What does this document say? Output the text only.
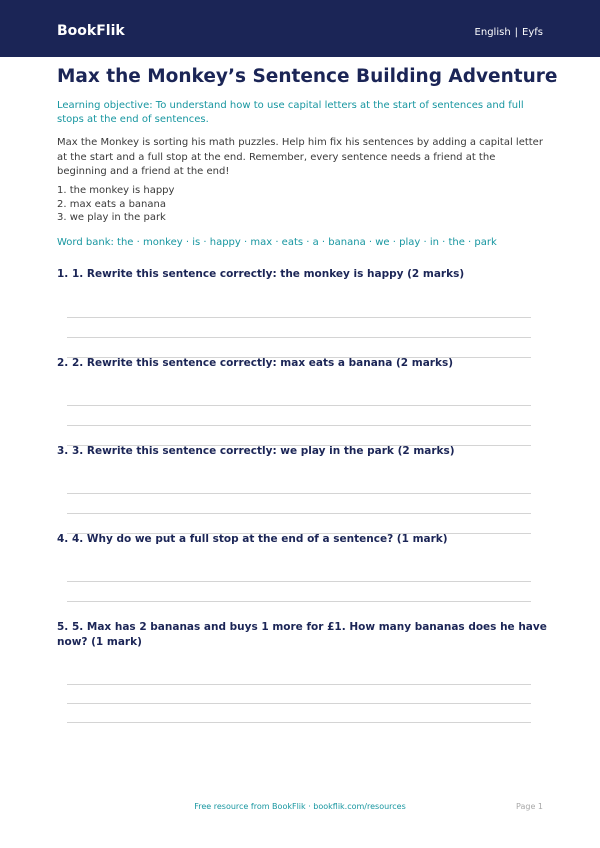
BookFlik	English | Eyfs
Max the Monkey’s Sentence Building Adventure
Learning objective: To understand how to use capital letters at the start of sentences and full stops at the end of sentences.
Max the Monkey is sorting his math puzzles. Help him fix his sentences by adding a capital letter at the start and a full stop at the end. Remember, every sentence needs a friend at the beginning and a friend at the end!
1. the monkey is happy
2. max eats a banana
3. we play in the park
Word bank: the · monkey · is · happy · max · eats · a · banana · we · play · in · the · park
1. 1. Rewrite this sentence correctly: the monkey is happy (2 marks)
2. 2. Rewrite this sentence correctly: max eats a banana (2 marks)
3. 3. Rewrite this sentence correctly: we play in the park (2 marks)
4. 4. Why do we put a full stop at the end of a sentence? (1 mark)
5. 5. Max has 2 bananas and buys 1 more for £1. How many bananas does he have now? (1 mark)
Free resource from BookFlik · bookflik.com/resources	Page 1
